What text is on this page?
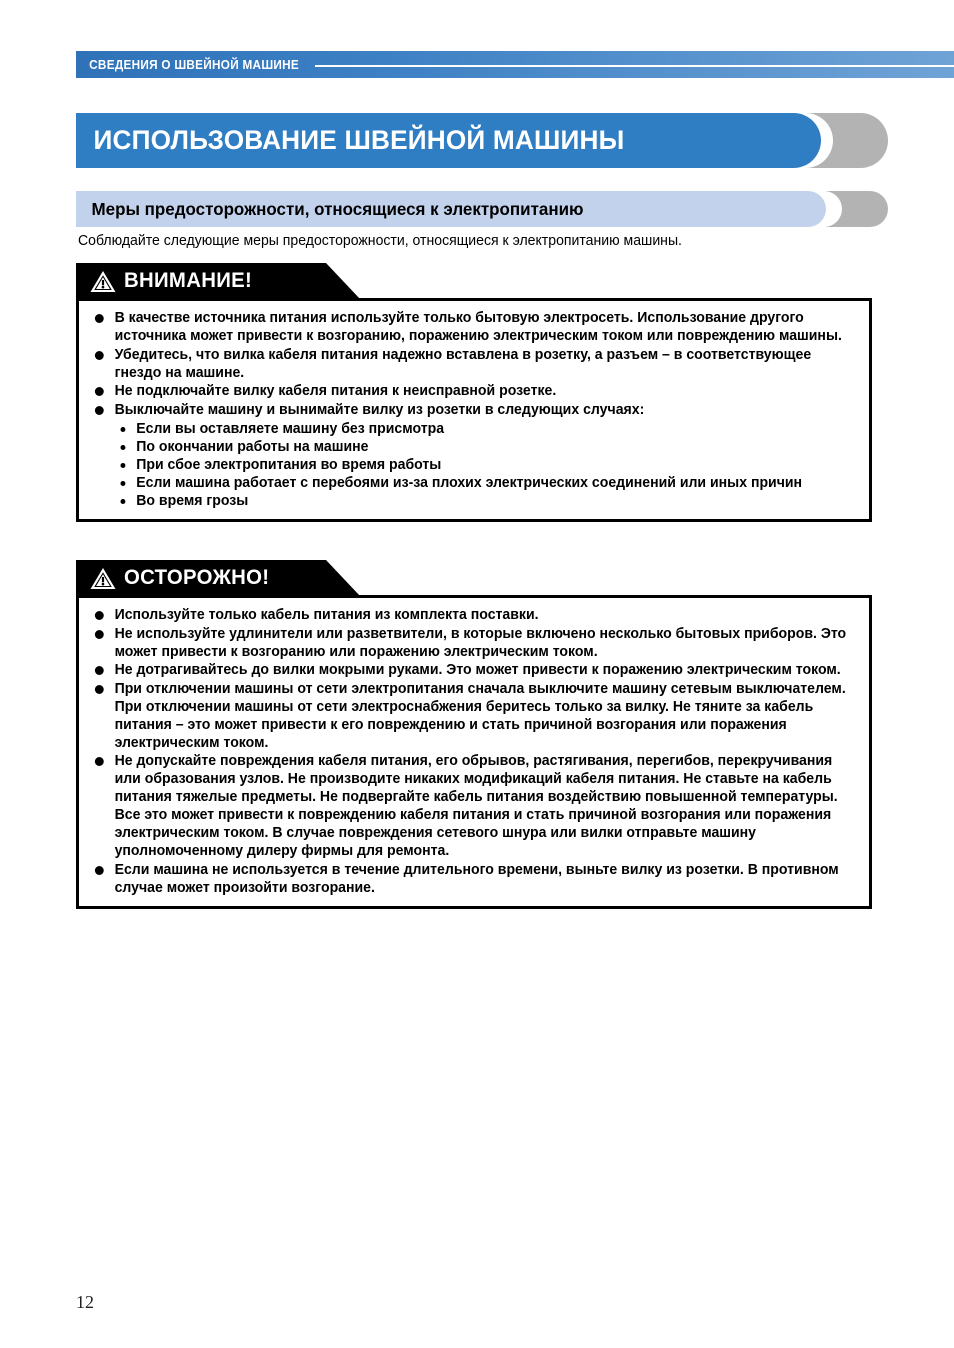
СВЕДЕНИЯ О ШВЕЙНОЙ МАШИНЕ
ИСПОЛЬЗОВАНИЕ ШВЕЙНОЙ МАШИНЫ
Меры предосторожности, относящиеся к электропитанию
Соблюдайте следующие меры предосторожности, относящиеся к электропитанию машины.
ВНИМАНИЕ!
В качестве источника питания используйте только бытовую электросеть. Использование другого источника может привести к возгоранию, поражению электрическим током или повреждению машины.
Убедитесь, что вилка кабеля питания надежно вставлена в розетку, а разъем – в соответствующее гнездо на машине.
Не подключайте вилку кабеля питания к неисправной розетке.
Выключайте машину и вынимайте вилку из розетки в следующих случаях:
Если вы оставляете машину без присмотра
По окончании работы на машине
При сбое электропитания во время работы
Если машина работает с перебоями из-за плохих электрических соединений или иных причин
Во время грозы
ОСТОРОЖНО!
Используйте только кабель питания из комплекта поставки.
Не используйте удлинители или разветвители, в которые включено несколько бытовых приборов. Это может привести к возгоранию или поражению электрическим током.
Не дотрагивайтесь до вилки мокрыми руками. Это может привести к поражению электрическим током.
При отключении машины от сети электропитания сначала выключите машину сетевым выключателем. При отключении машины от сети электроснабжения беритесь только за вилку. Не тяните за кабель питания – это может привести к его повреждению и стать причиной возгорания или поражения электрическим током.
Не допускайте повреждения кабеля питания, его обрывов, растягивания, перегибов, перекручивания или образования узлов. Не производите никаких модификаций кабеля питания. Не ставьте на кабель питания тяжелые предметы. Не подвергайте кабель питания воздействию повышенной температуры. Все это может привести к повреждению кабеля питания и стать причиной возгорания или поражения электрическим током. В случае повреждения сетевого шнура или вилки отправьте машину уполномоченному дилеру фирмы для ремонта.
Если машина не используется в течение длительного времени, выньте вилку из розетки. В противном случае может произойти возгорание.
12
